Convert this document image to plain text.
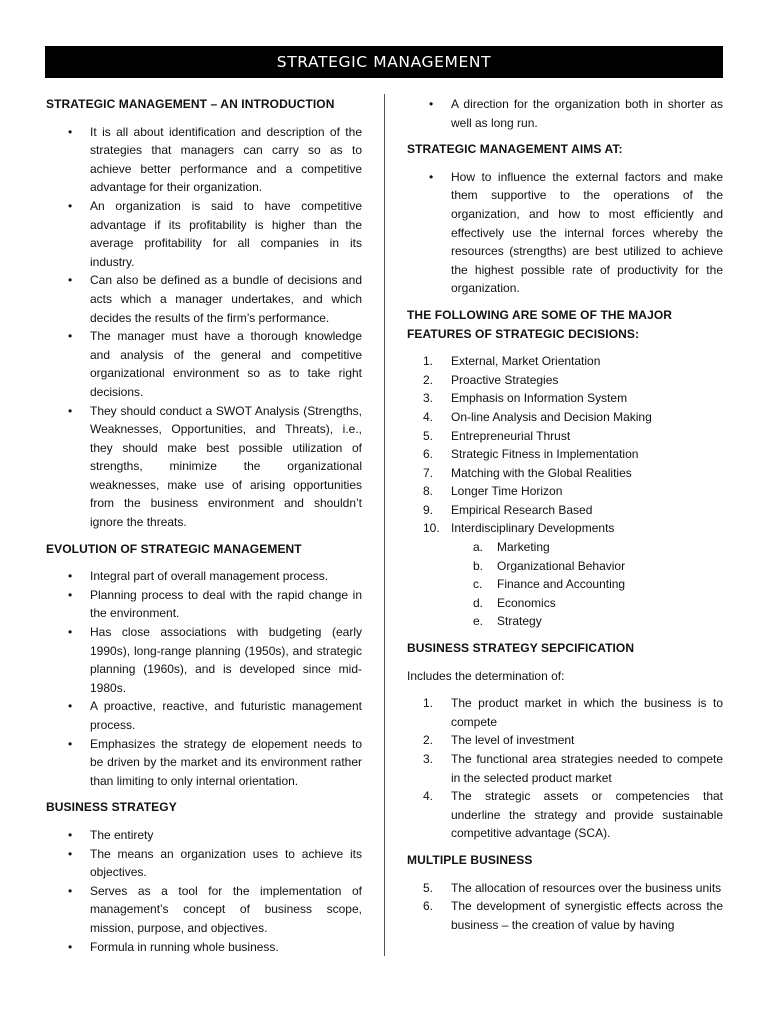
STRATEGIC MANAGEMENT
STRATEGIC MANAGEMENT – AN INTRODUCTION
• It is all about identification and description of the strategies that managers can carry so as to achieve better performance and a competitive advantage for their organization.
• An organization is said to have competitive advantage if its profitability is higher than the average profitability for all companies in its industry.
• Can also be defined as a bundle of decisions and acts which a manager undertakes, and which decides the results of the firm’s performance.
• The manager must have a thorough knowledge and analysis of the general and competitive organizational environment so as to take right decisions.
• They should conduct a SWOT Analysis (Strengths, Weaknesses, Opportunities, and Threats), i.e., they should make best possible utilization of strengths, minimize the organizational weaknesses, make use of arising opportunities from the business environment and shouldn’t ignore the threats.
EVOLUTION OF STRATEGIC MANAGEMENT
• Integral part of overall management process.
• Planning process to deal with the rapid change in the environment.
• Has close associations with budgeting (early 1990s), long-range planning (1950s), and strategic planning (1960s), and is developed since mid-1980s.
• A proactive, reactive, and futuristic management process.
• Emphasizes the strategy de elopement needs to be driven by the market and its environment rather than limiting to only internal orientation.
BUSINESS STRATEGY
• The entirety
• The means an organization uses to achieve its objectives.
• Serves as a tool for the implementation of management’s concept of business scope, mission, purpose, and objectives.
• Formula in running whole business.
• A direction for the organization both in shorter as well as long run.
STRATEGIC MANAGEMENT AIMS AT:
• How to influence the external factors and make them supportive to the operations of the organization, and how to most efficiently and effectively use the internal forces whereby the resources (strengths) are best utilized to achieve the highest possible rate of productivity for the organization.
THE FOLLOWING ARE SOME OF THE MAJOR FEATURES OF STRATEGIC DECISIONS:
1.	External, Market Orientation
2.	Proactive Strategies
3.	Emphasis on Information System
4.	On-line Analysis and Decision Making
5.	Entrepreneurial Thrust
6.	Strategic Fitness in Implementation
7.	Matching with the Global Realities
8.	Longer Time Horizon
9.	Empirical Research Based
10. Interdisciplinary Developments
a. Marketing
b. Organizational Behavior
c. Finance and Accounting
d. Economics
e. Strategy
BUSINESS STRATEGY SEPCIFICATION

Includes the determination of:

1.	The product market in which the business is to compete
2.	The level of investment
3.	The functional area strategies needed to compete in the selected product market
4.	The strategic assets or competencies that underline the strategy and provide sustainable competitive advantage (SCA).
MULTIPLE BUSINESS
5.	The allocation of resources over the business units
6.	The development of synergistic effects across the business – the creation of value by having
